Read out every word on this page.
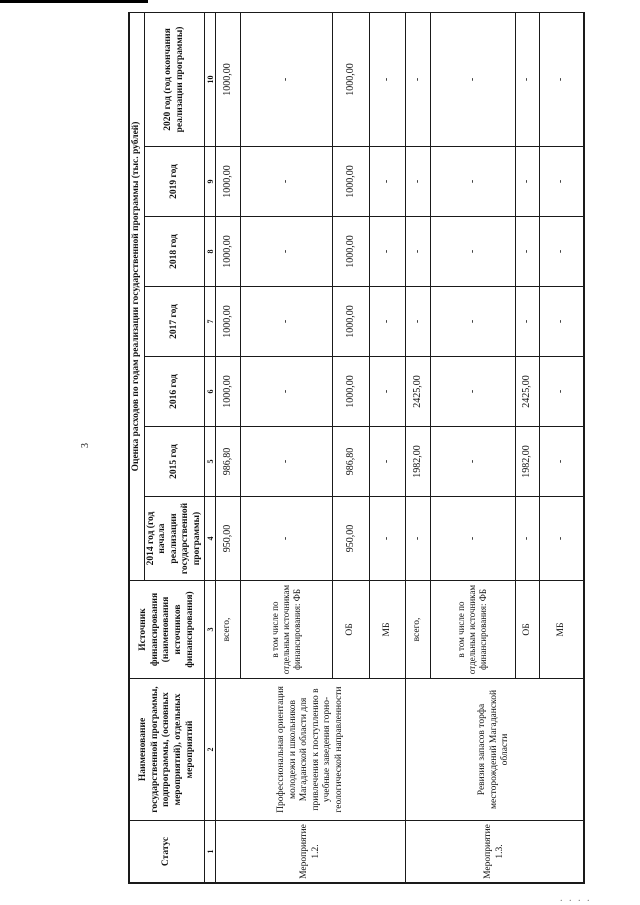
3
Статус	Наименование государственной программы, подпрограммы, (основных мероприятий), отдельных мероприятий	Источник финансирования (наименования источников финансирования)	Оценка расходов по годам реализации государственной программы (тыс. рублей)						
			2014 год (год начала реализации государственной программы)	2015 год	2016 год	2017 год	2018 год	2019 год	2020 год (год окончания реализации программы)
1	2	3	4	5	6	7	8	9	10
Мероприятие 1.2.	Профессиональная ориентация молодежи и школьников Магаданской области для привлечения к поступлению в учебные заведения горно-геологической направленности	всего,	950,00	986,80	1000,00	1000,00	1000,00	1000,00	1000,00
		в том числе по отдельным источникам финансирования: ФБ	-	-	-	-	-	-	-
		ОБ	950,00	986,80	1000,00	1000,00	1000,00	1000,00	1000,00
		МБ	-	-	-	-	-	-	-
Мероприятие 1.3.	Ревизия запасов торфа месторождений Магаданской области	всего,	-	1982,00	2425,00	-	-	-	-
		в том числе по отдельным источникам финансирования: ФБ	-	-	-	-	-	-	-
		ОБ	-	1982,00	2425,00	-	-	-	-
		МБ	-	-	-	-	-	-	-
. . . .
